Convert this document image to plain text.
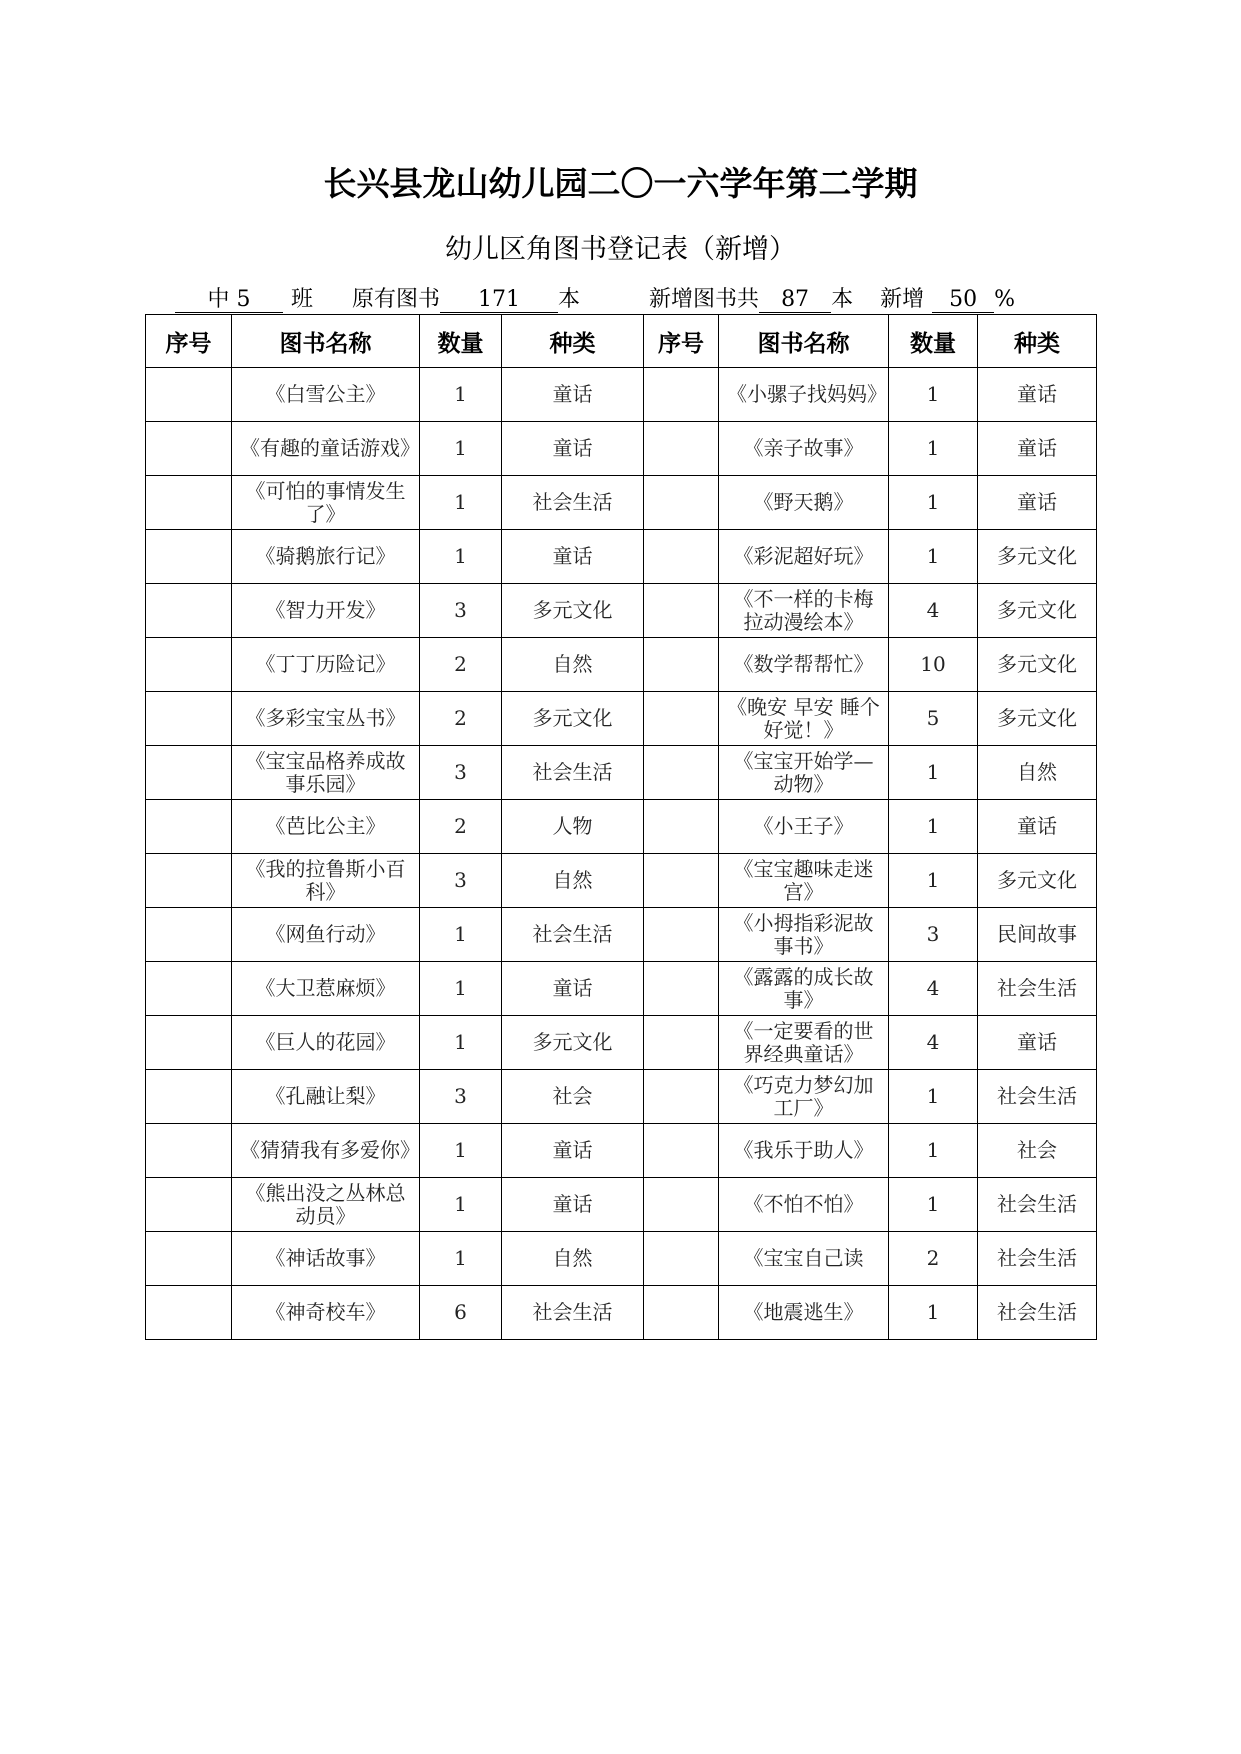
长兴县龙山幼儿园二〇一六学年第二学期
幼儿区角图书登记表（新增）
中 5 班 原有图书 171 本	新增图书共 87 本 新增 50 %
序号	图书名称	数量	种类	序号	图书名称	数量	种类
	《白雪公主》	1	童话		《小骡子找妈妈》	1	童话
	《有趣的童话游戏》	1	童话		《亲子故事》	1	童话
	《可怕的事情发生了》	1	社会生活		《野天鹅》	1	童话
	《骑鹅旅行记》	1	童话		《彩泥超好玩》	1	多元文化
	《智力开发》	3	多元文化		《不一样的卡梅拉动漫绘本》	4	多元文化
	《丁丁历险记》	2	自然		《数学帮帮忙》	10	多元文化
	《多彩宝宝丛书》	2	多元文化		《晚安 早安 睡个好觉！》	5	多元文化
	《宝宝品格养成故事乐园》	3	社会生活		《宝宝开始学—动物》	1	自然
	《芭比公主》	2	人物		《小王子》	1	童话
	《我的拉鲁斯小百科》	3	自然		《宝宝趣味走迷宫》	1	多元文化
	《网鱼行动》	1	社会生活		《小拇指彩泥故事书》	3	民间故事
	《大卫惹麻烦》	1	童话		《露露的成长故事》	4	社会生活
	《巨人的花园》	1	多元文化		《一定要看的世界经典童话》	4	童话
	《孔融让梨》	3	社会		《巧克力梦幻加工厂》	1	社会生活
	《猜猜我有多爱你》	1	童话		《我乐于助人》	1	社会
	《熊出没之丛林总动员》	1	童话		《不怕不怕》	1	社会生活
	《神话故事》	1	自然		《宝宝自己读	2	社会生活
	《神奇校车》	6	社会生活		《地震逃生》	1	社会生活
